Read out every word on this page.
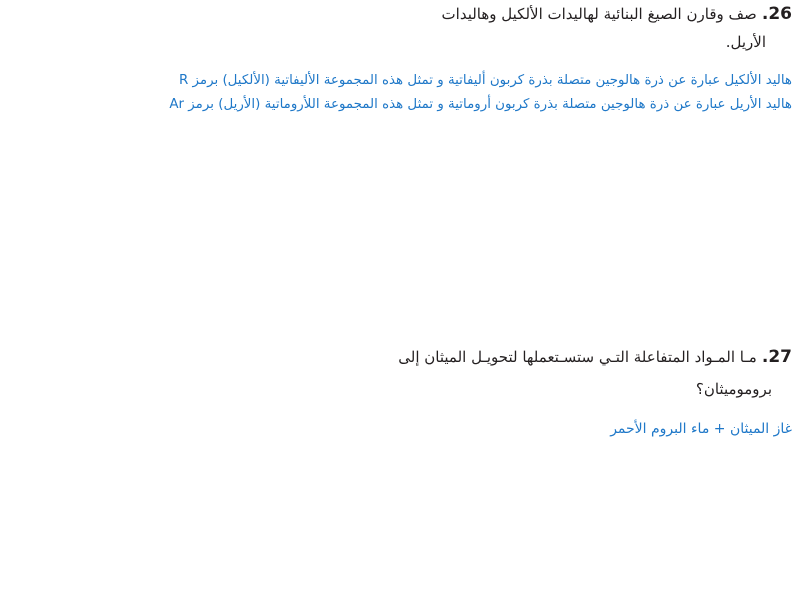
26. صف وقارن الصيغ البنائية لهاليدات الألكيل وهاليدات
الأريل.
هاليد الألكيل عبارة عن ذرة هالوجين متصلة بذرة كربون أليفاتية و تمثل هذه المجموعة الأليفاتية (الألكيل) برمز R
هاليد الأريل عبارة عن ذرة هالوجين متصلة بذرة كربون أروماتية و تمثل هذه المجموعة اللأروماتية (الأريل) برمز Ar
27. مـا المـواد المتفاعلة التـي ستسـتعملها لتحويـل الميثان إلى
بروموميثان؟
غاز الميثان + ماء البروم الأحمر
